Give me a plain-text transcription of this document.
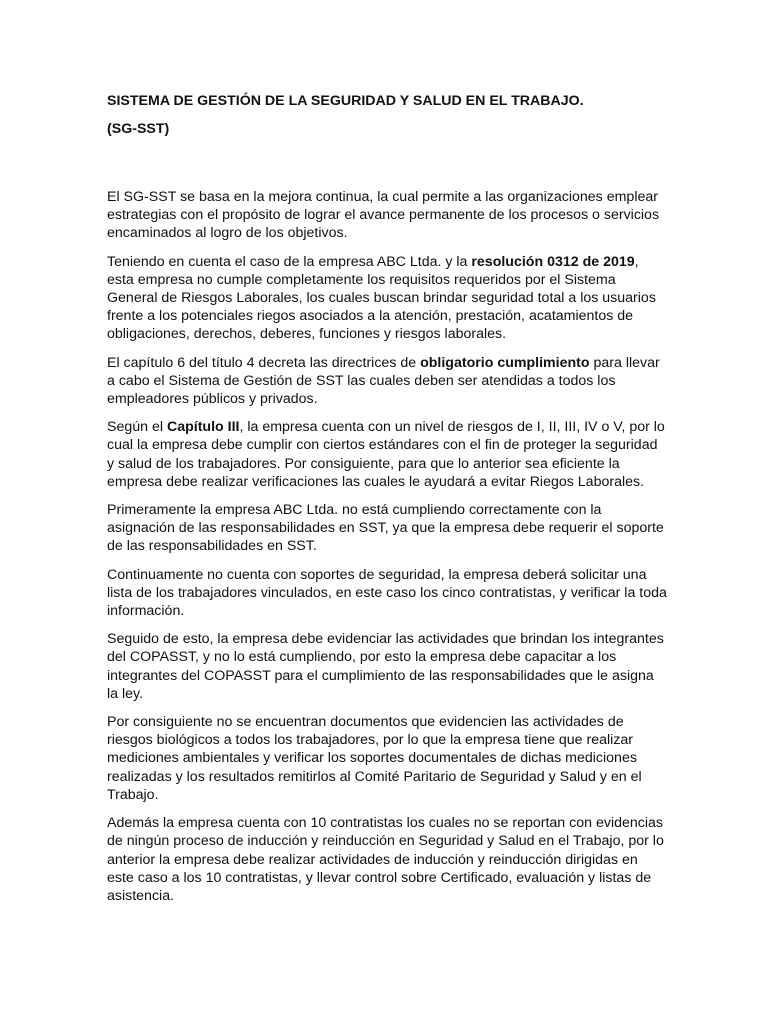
SISTEMA DE GESTIÓN DE LA SEGURIDAD Y SALUD EN EL TRABAJO.

(SG-SST)

El SG-SST se basa en la mejora continua, la cual permite a las organizaciones emplear estrategias con el propósito de lograr el avance permanente de los procesos o servicios encaminados al logro de los objetivos.

Teniendo en cuenta el caso de la empresa ABC Ltda. y la resolución 0312 de 2019, esta empresa no cumple completamente los requisitos requeridos por el Sistema General de Riesgos Laborales, los cuales buscan brindar seguridad total a los usuarios frente a los potenciales riegos asociados a la atención, prestación, acatamientos de obligaciones, derechos, deberes, funciones y riesgos laborales.

El capítulo 6 del título 4 decreta las directrices de obligatorio cumplimiento para llevar a cabo el Sistema de Gestión de SST las cuales deben ser atendidas a todos los empleadores públicos y privados.

Según el Capítulo III, la empresa cuenta con un nivel de riesgos de I, II, III, IV o V, por lo cual la empresa debe cumplir con ciertos estándares con el fin de proteger la seguridad y salud de los trabajadores. Por consiguiente, para que lo anterior sea eficiente la empresa debe realizar verificaciones las cuales le ayudará a evitar Riegos Laborales.

Primeramente la empresa ABC Ltda. no está cumpliendo correctamente con la asignación de las responsabilidades en SST, ya que la empresa debe requerir el soporte de las responsabilidades en SST.

Continuamente no cuenta con soportes de seguridad, la empresa deberá solicitar una lista de los trabajadores vinculados, en este caso los cinco contratistas, y verificar la toda información.

Seguido de esto, la empresa debe evidenciar las actividades que brindan los integrantes del COPASST, y no lo está cumpliendo, por esto la empresa debe capacitar a los integrantes del COPASST para el cumplimiento de las responsabilidades que le asigna la ley.

Por consiguiente no se encuentran documentos que evidencien las actividades de riesgos biológicos a todos los trabajadores, por lo que la empresa tiene que realizar mediciones ambientales y verificar los soportes documentales de dichas mediciones realizadas y los resultados remitirlos al Comité Paritario de Seguridad y Salud y en el Trabajo.

Además la empresa cuenta con 10 contratistas los cuales no se reportan con evidencias de ningún proceso de inducción y reinducción en Seguridad y Salud en el Trabajo, por lo anterior la empresa debe realizar actividades de inducción y reinducción dirigidas en este caso a los 10 contratistas, y llevar control sobre Certificado, evaluación y listas de asistencia.
